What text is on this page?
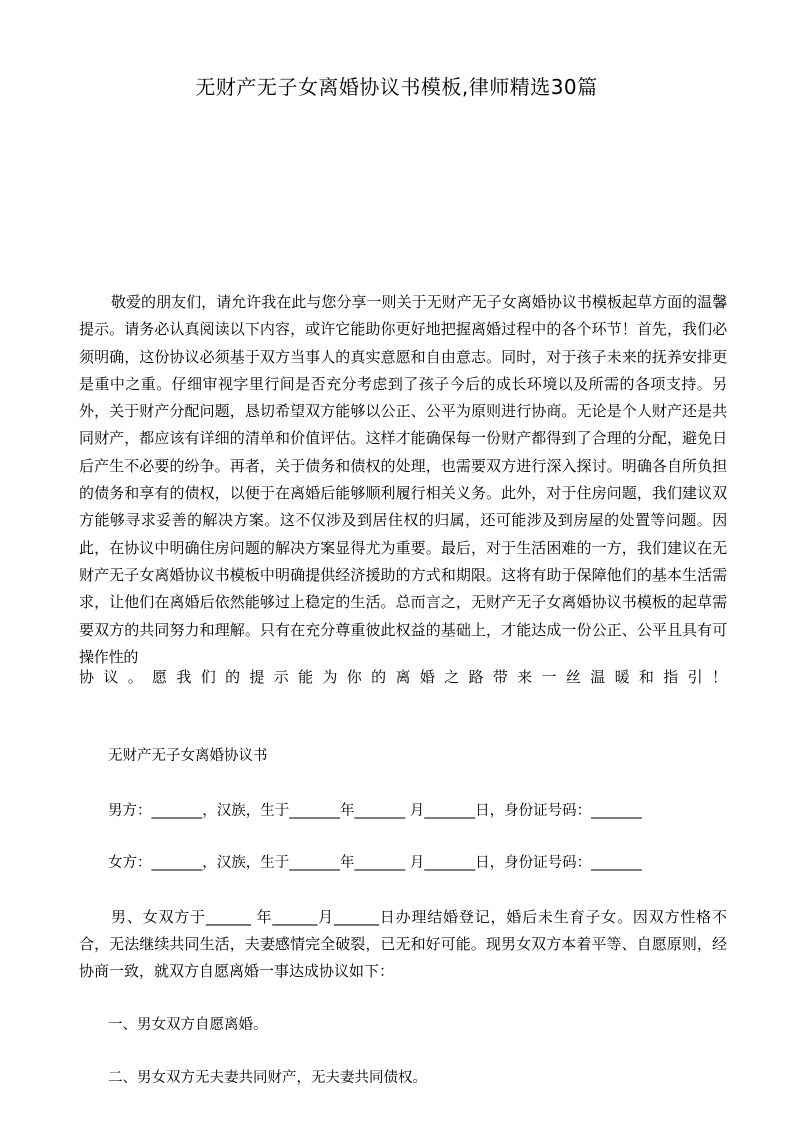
无财产无子女离婚协议书模板,律师精选30篇
敬爱的朋友们，请允许我在此与您分享一则关于无财产无子女离婚协议书模板起草方面的温馨提示。请务必认真阅读以下内容，或许它能助你更好地把握离婚过程中的各个环节！首先，我们必须明确，这份协议必须基于双方当事人的真实意愿和自由意志。同时，对于孩子未来的抚养安排更是重中之重。仔细审视字里行间是否充分考虑到了孩子今后的成长环境以及所需的各项支持。另外，关于财产分配问题，恳切希望双方能够以公正、公平为原则进行协商。无论是个人财产还是共同财产，都应该有详细的清单和价值评估。这样才能确保每一份财产都得到了合理的分配，避免日后产生不必要的纷争。再者，关于债务和债权的处理，也需要双方进行深入探讨。明确各自所负担的债务和享有的债权，以便于在离婚后能够顺利履行相关义务。此外，对于住房问题，我们建议双方能够寻求妥善的解决方案。这不仅涉及到居住权的归属，还可能涉及到房屋的处置等问题。因此，在协议中明确住房问题的解决方案显得尤为重要。最后，对于生活困难的一方，我们建议在无财产无子女离婚协议书模板中明确提供经济援助的方式和期限。这将有助于保障他们的基本生活需求，让他们在离婚后依然能够过上稳定的生活。总而言之，无财产无子女离婚协议书模板的起草需要双方的共同努力和理解。只有在充分尊重彼此权益的基础上，才能达成一份公正、公平且具有可操作性的
协 议 。 愿 我 们 的 提 示 能 为 你 的 离 婚 之 路 带 来 一 丝 温 暖 和 指 引 ！
无财产无子女离婚协议书
男方：_______，汉族，生于_______年_______ 月_______日，身份证号码：_______
女方：_______，汉族，生于_______年_______ 月_______日，身份证号码：_______
男、女双方于______ 年______月______日办理结婚登记，婚后未生育子女。因双方性格不合，无法继续共同生活，夫妻感情完全破裂，已无和好可能。现男女双方本着平等、自愿原则，经协商一致，就双方自愿离婚一事达成协议如下：
一、男女双方自愿离婚。
二、男女双方无夫妻共同财产，无夫妻共同债权。
